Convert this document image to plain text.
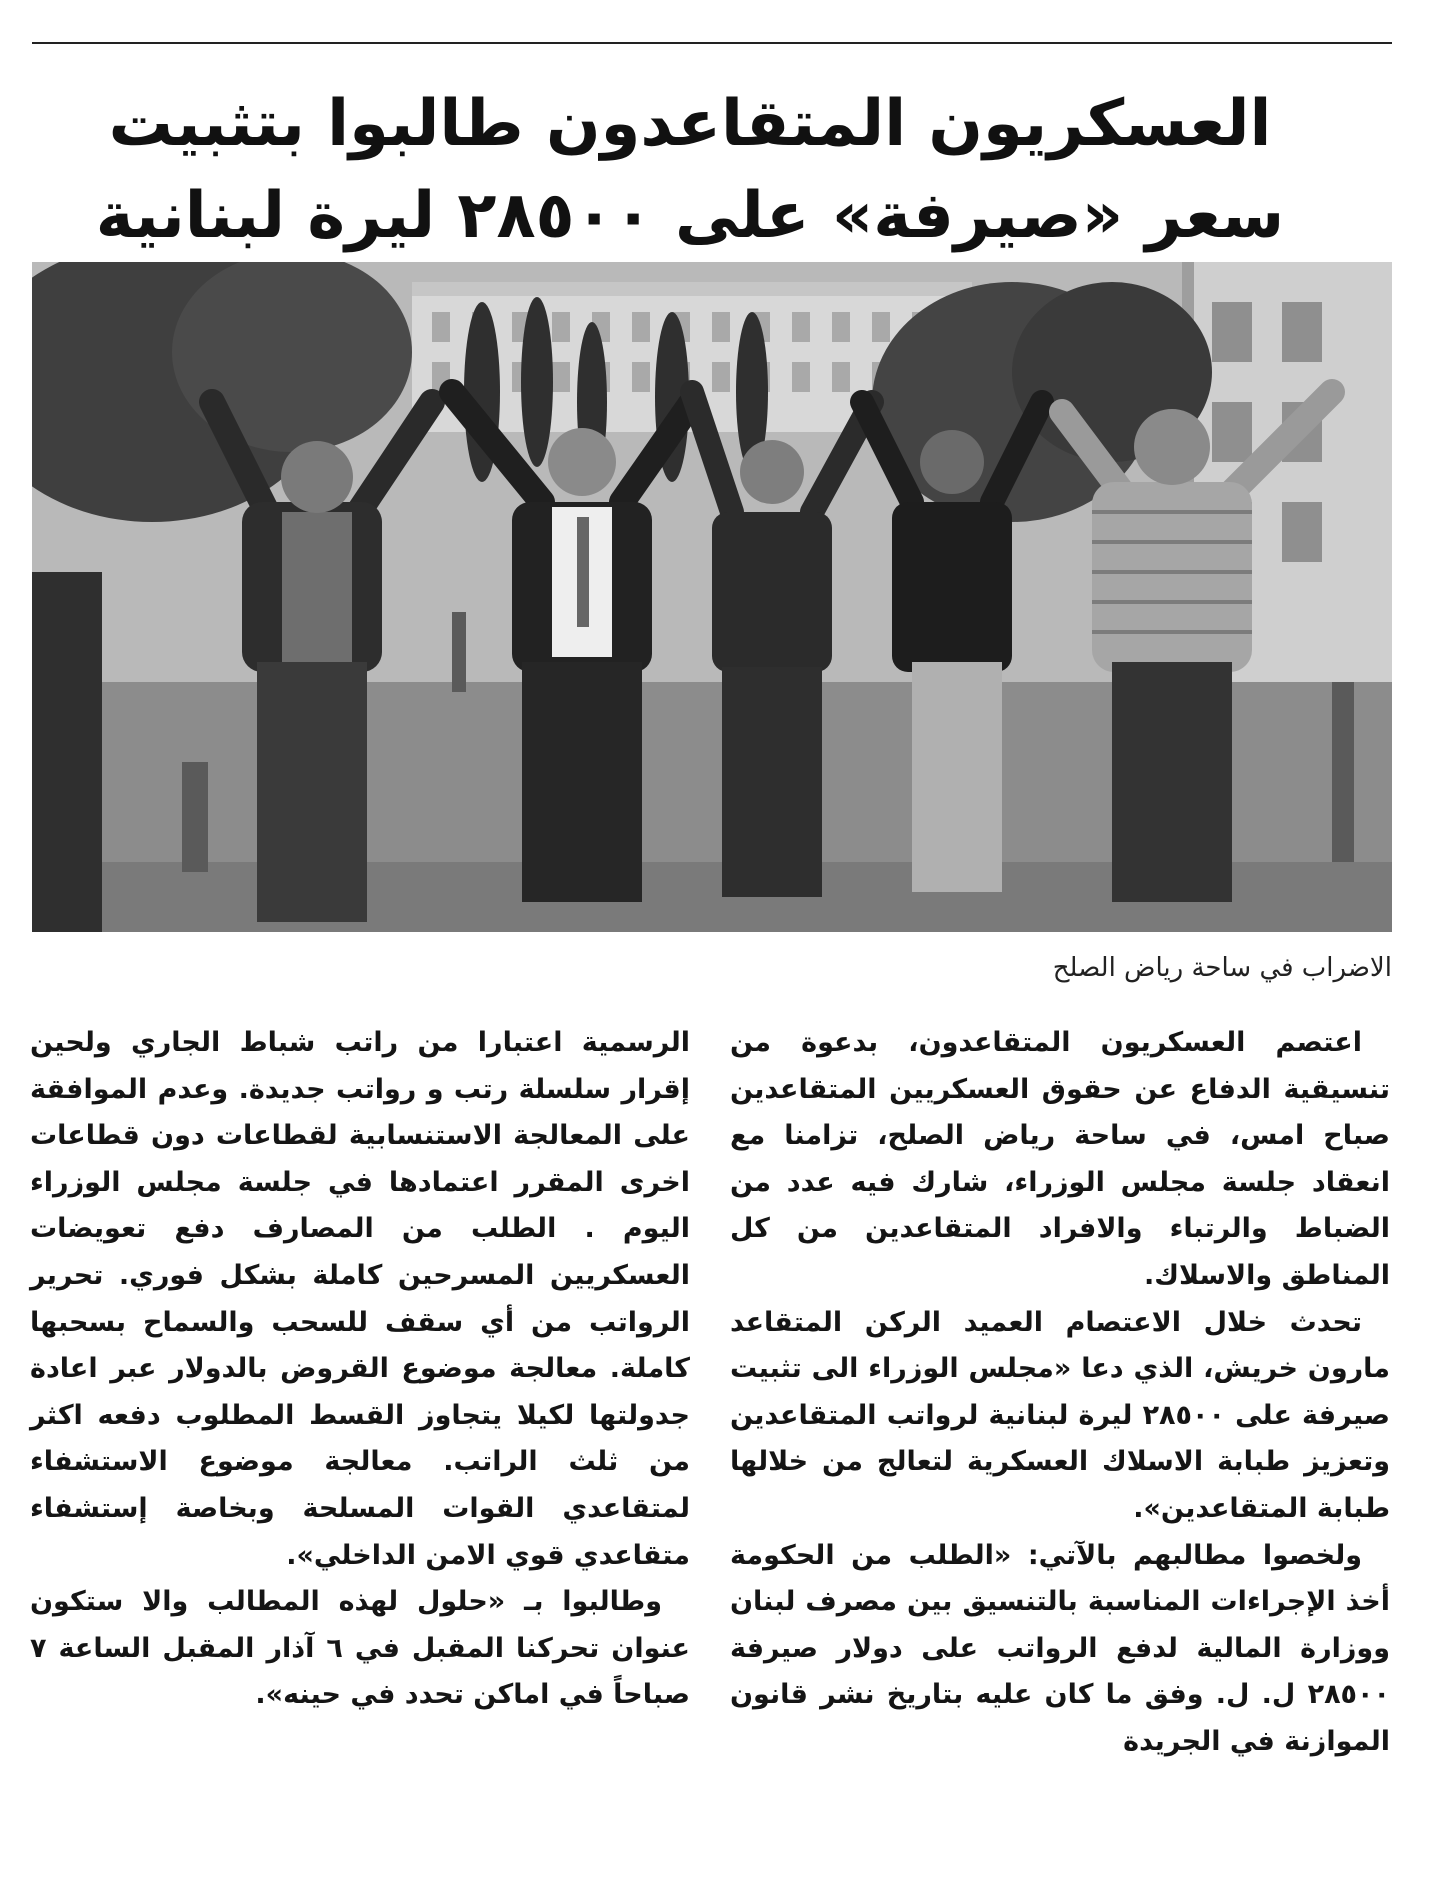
العسكريون المتقاعدون طالبوا بتثبيت
سعر «صيرفة» على ٢٨٥٠٠ ليرة لبنانية
الاضراب في ساحة رياض الصلح

اعتصم العسكريون المتقاعدون، بدعوة من تنسيقية الدفاع عن حقوق العسكريين المتقاعدين صباح امس، في ساحة رياض الصلح، تزامنا مع انعقاد جلسة مجلس الوزراء، شارك فيه عدد من الضباط والرتباء والافراد المتقاعدين من كل المناطق والاسلاك.

تحدث خلال الاعتصام العميد الركن المتقاعد مارون خريش، الذي دعا «مجلس الوزراء الى تثبيت صيرفة على ٢٨٥٠٠ ليرة لبنانية لرواتب المتقاعدين وتعزيز طبابة الاسلاك العسكرية لتعالج من خلالها طبابة المتقاعدين».

ولخصوا مطالبهم بالآتي: «الطلب من الحكومة أخذ الإجراءات المناسبة بالتنسيق بين مصرف لبنان ووزارة المالية لدفع الرواتب على دولار صيرفة ٢٨٥٠٠ ل. ل. وفق ما كان عليه بتاريخ نشر قانون الموازنة في الجريدة

الرسمية اعتبارا من راتب شباط الجاري ولحين إقرار سلسلة رتب و رواتب جديدة. وعدم الموافقة على المعالجة الاستنسابية لقطاعات دون قطاعات اخرى المقرر اعتمادها في جلسة مجلس الوزراء اليوم . الطلب من المصارف دفع تعويضات العسكريين المسرحين كاملة بشكل فوري. تحرير الرواتب من أي سقف للسحب والسماح بسحبها كاملة. معالجة موضوع القروض بالدولار عبر اعادة جدولتها لكيلا يتجاوز القسط المطلوب دفعه اكثر من ثلث الراتب. معالجة موضوع الاستشفاء لمتقاعدي القوات المسلحة وبخاصة إستشفاء متقاعدي قوي الامن الداخلي».

وطالبوا بـ «حلول لهذه المطالب والا ستكون عنوان تحركنا المقبل في ٦ آذار المقبل الساعة ٧ صباحاً في اماكن تحدد في حينه».
